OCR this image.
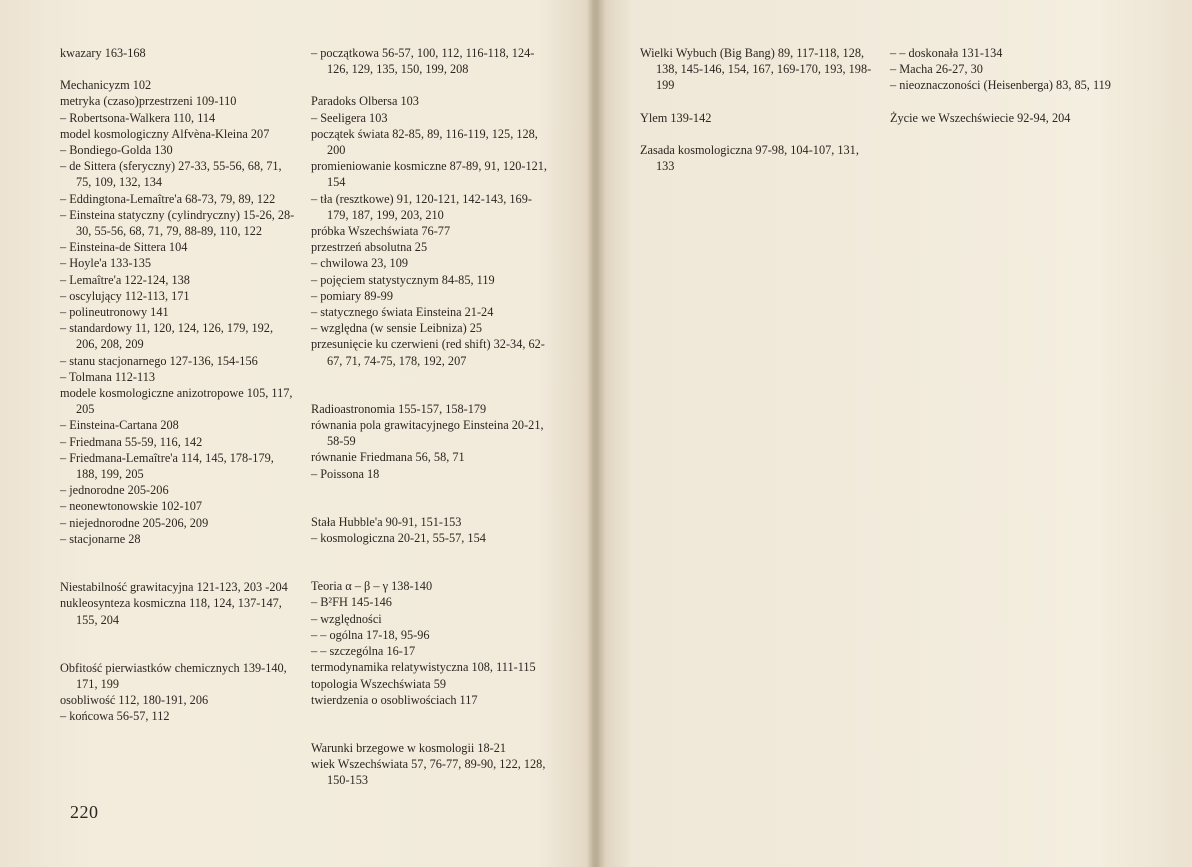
kwazary 163-168
Mechanicyzm 102
metryka (czaso)przestrzeni 109-110
– Robertsona-Walkera 110, 114
model kosmologiczny Alfvèna-Kleina 207
– Bondiego-Golda 130
– de Sittera (sferyczny) 27-33, 55-56, 68, 71, 75, 109, 132, 134
– Eddingtona-Lemaître'a 68-73, 79, 89, 122
– Einsteina statyczny (cylindryczny) 15-26, 28-30, 55-56, 68, 71, 79, 88-89, 110, 122
– Einsteina-de Sittera 104
– Hoyle'a 133-135
– Lemaître'a 122-124, 138
– oscylujący 112-113, 171
– polineutronowy 141
– standardowy 11, 120, 124, 126, 179, 192, 206, 208, 209
– stanu stacjonarnego 127-136, 154-156
– Tolmana 112-113
modele kosmologiczne anizotropowe 105, 117, 205
– Einsteina-Cartana 208
– Friedmana 55-59, 116, 142
– Friedmana-Lemaître'a 114, 145, 178-179, 188, 199, 205
– jednorodne 205-206
– neonewtonowskie 102-107
– niejednorodne 205-206, 209
– stacjonarne 28
Niestabilność grawitacyjna 121-123, 203 -204
nukleosynteza kosmiczna 118, 124, 137-147, 155, 204
Obfitość pierwiastków chemicznych 139-140, 171, 199
osobliwość 112, 180-191, 206
– końcowa 56-57, 112
– początkowa 56-57, 100, 112, 116-118, 124-126, 129, 135, 150, 199, 208
Paradoks Olbersa 103
– Seeligera 103
początek świata 82-85, 89, 116-119, 125, 128, 200
promieniowanie kosmiczne 87-89, 91, 120-121, 154
– tła (resztkowe) 91, 120-121, 142-143, 169-179, 187, 199, 203, 210
próbka Wszechświata 76-77
przestrzeń absolutna 25
– chwilowa 23, 109
– pojęciem statystycznym 84-85, 119
– pomiary 89-99
– statycznego świata Einsteina 21-24
– względna (w sensie Leibniza) 25
przesunięcie ku czerwieni (red shift) 32-34, 62-67, 71, 74-75, 178, 192, 207
Radioastronomia 155-157, 158-179
równania pola grawitacyjnego Einsteina 20-21, 58-59
równanie Friedmana 56, 58, 71
– Poissona 18
Stała Hubble'a 90-91, 151-153
– kosmologiczna 20-21, 55-57, 154
Teoria α – β – γ 138-140
– B²FH 145-146
– względności
– – ogólna 17-18, 95-96
– – szczególna 16-17
termodynamika relatywistyczna 108, 111-115
topologia Wszechświata 59
twierdzenia o osobliwościach 117
Warunki brzegowe w kosmologii 18-21
wiek Wszechświata 57, 76-77, 89-90, 122, 128, 150-153
220
Wielki Wybuch (Big Bang) 89, 117-118, 128, 138, 145-146, 154, 167, 169-170, 193, 198-199
Ylem 139-142
Zasada kosmologiczna 97-98, 104-107, 131, 133
– – doskonała 131-134
– Macha 26-27, 30
– nieoznaczoności (Heisenberga) 83, 85, 119
Życie we Wszechświecie 92-94, 204
